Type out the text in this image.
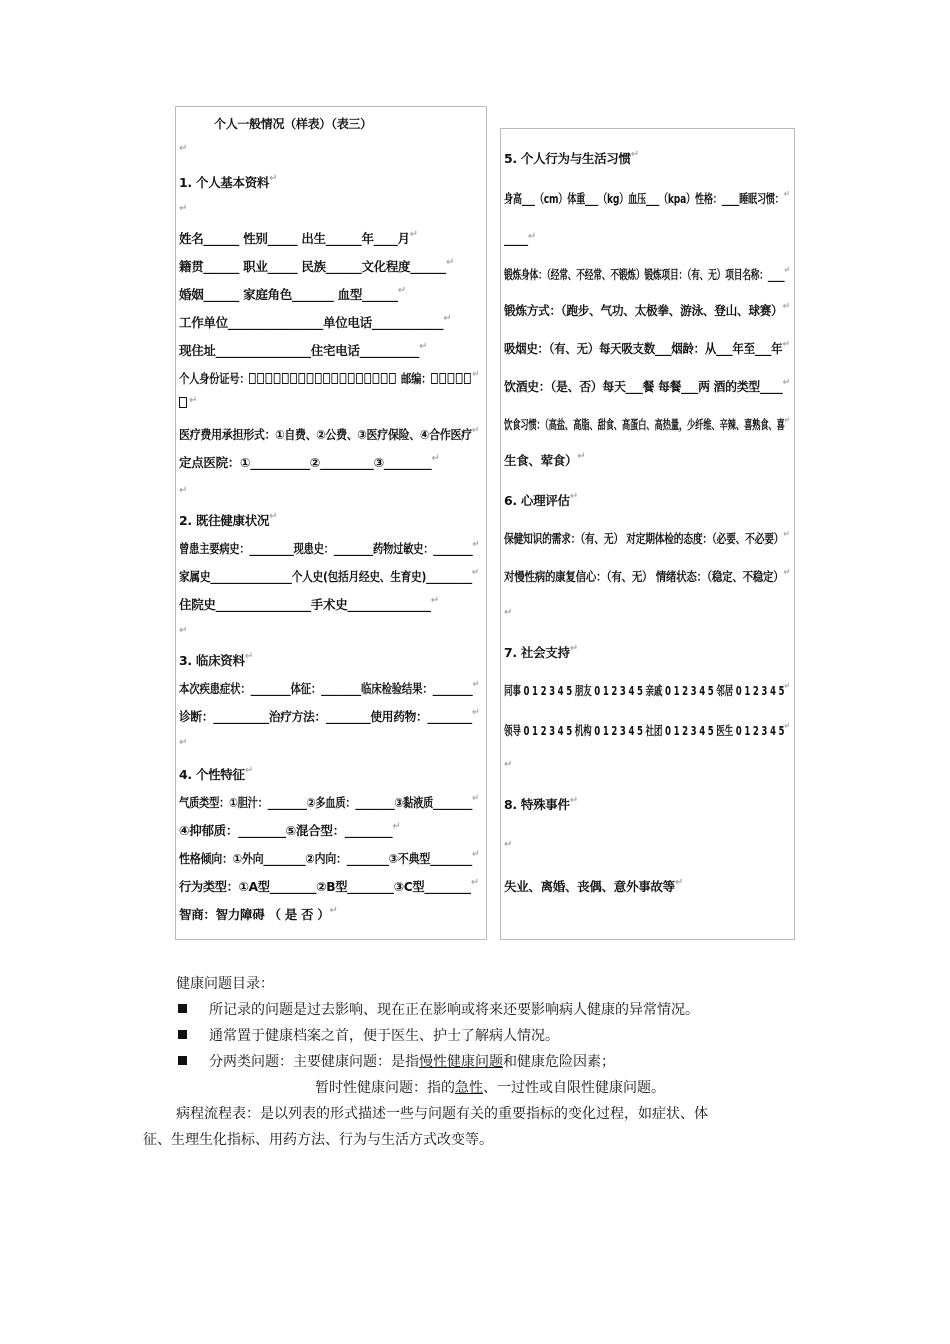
个人一般情况（样表）（表三）
↵
1. 个人基本资料 ↵
↵
姓名______ 性别_____ 出生______年____月 ↵
籍贯______ 职业_____ 民族______文化程度______ ↵
婚姻______ 家庭角色_______ 血型______ ↵
工作单位________________单位电话____________ ↵
现住址________________住宅电话__________ ↵
个人身份证号：	邮编：	↵
↵
医疗费用承担形式：①自费、②公费、③医疗保险、④合作医疗 ↵
定点医院：①__________②_________③________ ↵
↵
2. 既往健康状况 ↵
曾患主要病史：_________现患史：________药物过敏史：________ ↵
家属史________________个人史(包括月经史、生育史)_________ ↵
住院史________________手术史______________ ↵
↵
3. 临床资料 ↵
本次疾患症状：________体征：________临床检验结果：________ ↵
诊断：__________治疗方法：________使用药物：________ ↵
↵
4. 个性特征 ↵
气质类型：①胆汁：________②多血质：________③黏液质________ ↵
④抑郁质：________⑤混合型：________ ↵
性格倾向：①外向________②内向：________③不典型________ ↵
行为类型：①A型________②B型________③C型________ ↵
智商：智力障碍 （ 是 否 ） ↵
5. 个人行为与生活习惯 ↵
身高___（cm）体重___（kg）血压___（kpa）性格：____睡眠习惯： ↵
____ ↵
锻炼身体：（经常、不经常、不锻炼）锻炼项目：（有、无）项目名称：____ ↵
锻炼方式：（跑步、气功、太极拳、游泳、登山、球赛） ↵
吸烟史：（有、无）每天吸支数___烟龄：从___年至___年 ↵
饮酒史：（是、否）每天___餐 每餐___两 酒的类型____ ↵
饮食习惯：（高盐、高脂、甜食、高蛋白、高热量，少纤维、辛辣、喜熟食、喜 ↵
生食、荤食） ↵
6. 心理评估 ↵
保健知识的需求：（有、无） 对定期体检的态度：（必要、不必要） ↵
对慢性病的康复信心：（有、无） 情绪状态：（稳定、不稳定） ↵
↵
7. 社会支持 ↵
同事 0 1 2 3 4 5 朋友 0 1 2 3 4 5 亲戚 0 1 2 3 4 5 邻居 0 1 2 3 4 5 ↵
领导 0 1 2 3 4 5 机构 0 1 2 3 4 5 社团 0 1 2 3 4 5 医生 0 1 2 3 4 5 ↵
↵
8. 特殊事件 ↵
↵
失业、离婚、丧偶、意外事故等 ↵
健康问题目录：
所记录的问题是过去影响、现在正在影响或将来还要影响病人健康的异常情况。
通常置于健康档案之首，便于医生、护士了解病人情况。
分两类问题：主要健康问题：是指慢性健康问题和健康危险因素；
暂时性健康问题：指的急性、一过性或自限性健康问题。
病程流程表：是以列表的形式描述一些与问题有关的重要指标的变化过程，如症状、体
征、生理生化指标、用药方法、行为与生活方式改变等。
